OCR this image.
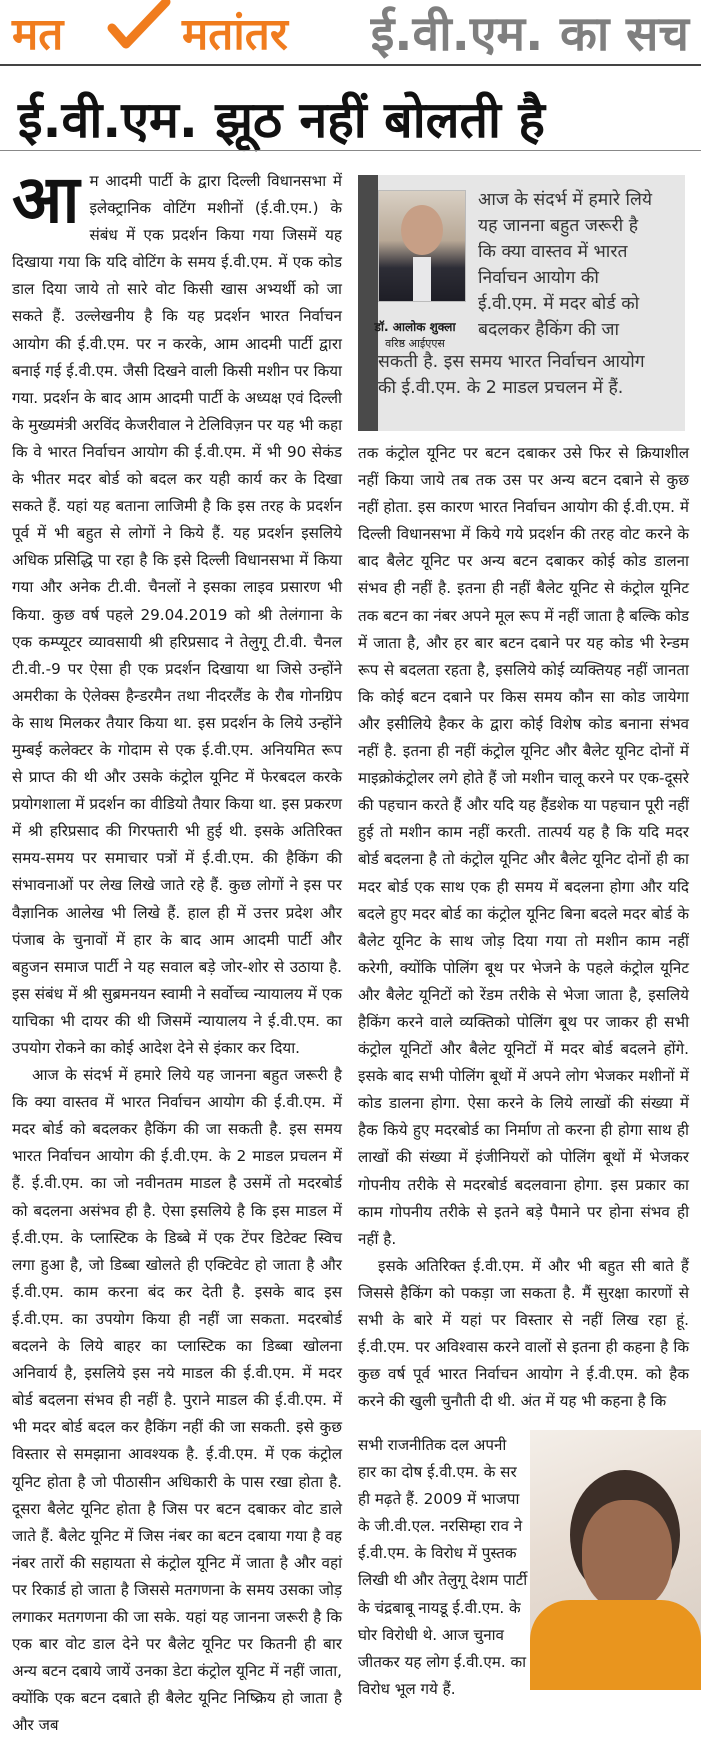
मत	मतांतर ई.वी.एम. का सच
ई.वी.एम. झूठ नहीं बोलती है
डॉ. आलोक शुक्ला
वरिष्ठ आईएएस
आज के संदर्भ में हमारे लिये
यह जानना बहुत जरूरी है
कि क्या वास्तव में भारत
निर्वाचन आयोग की
ई.वी.एम. में मदर बोर्ड को
बदलकर हैकिंग की जा
सकती है. इस समय भारत निर्वाचन आयोग
की ई.वी.एम. के 2 माडल प्रचलन में हैं.
आ म आदमी पार्टी के द्वारा दिल्ली विधानसभा में इलेक्ट्रानिक वोटिंग मशीनों (ई.वी.एम.) के संबंध में एक प्रदर्शन किया गया जिसमें यह दिखाया गया कि यदि वोटिंग के समय ई.वी.एम. में एक कोड डाल दिया जाये तो सारे वोट किसी खास अभ्यर्थी को जा सकते हैं. उल्लेखनीय है कि यह प्रदर्शन भारत निर्वाचन आयोग की ई.वी.एम. पर न करके, आम आदमी पार्टी द्वारा बनाई गई ई.वी.एम. जैसी दिखने वाली किसी मशीन पर किया गया. प्रदर्शन के बाद आम आदमी पार्टी के अध्यक्ष एवं दिल्ली के मुख्यमंत्री अरविंद केजरीवाल ने टेलिविज़न पर यह भी कहा कि वे भारत निर्वाचन आयोग की ई.वी.एम. में भी 90 सेकंड के भीतर मदर बोर्ड को बदल कर यही कार्य कर के दिखा सकते हैं. यहां यह बताना लाजिमी है कि इस तरह के प्रदर्शन पूर्व में भी बहुत से लोगों ने किये हैं. यह प्रदर्शन इसलिये अधिक प्रसिद्धि पा रहा है कि इसे दिल्ली विधानसभा में किया गया और अनेक टी.वी. चैनलों ने इसका लाइव प्रसारण भी किया. कुछ वर्ष पहले 29.04.2019 को श्री तेलंगाना के एक कम्प्यूटर व्यावसायी श्री हरिप्रसाद ने तेलुगू टी.वी. चैनल टी.वी.-9 पर ऐसा ही एक प्रदर्शन दिखाया था जिसे उन्होंने अमरीका के ऐलेक्स हैन्डरमैन तथा नीदरलैंड के रौब गोनग्रिप के साथ मिलकर तैयार किया था. इस प्रदर्शन के लिये उन्होंने मुम्बई कलेक्टर के गोदाम से एक ई.वी.एम. अनियमित रूप से प्राप्त की थी और उसके कंट्रोल यूनिट में फेरबदल करके प्रयोगशाला में प्रदर्शन का वीडियो तैयार किया था. इस प्रकरण में श्री हरिप्रसाद की गिरफ्तारी भी हुई थी. इसके अतिरिक्त समय-समय पर समाचार पत्रों में ई.वी.एम. की हैकिंग की संभावनाओं पर लेख लिखे जाते रहे हैं. कुछ लोगों ने इस पर वैज्ञानिक आलेख भी लिखे हैं. हाल ही में उत्तर प्रदेश और पंजाब के चुनावों में हार के बाद आम आदमी पार्टी और बहुजन समाज पार्टी ने यह सवाल बड़े जोर-शोर से उठाया है. इस संबंध में श्री सुब्रमनयन स्वामी ने सर्वोच्च न्यायालय में एक याचिका भी दायर की थी जिसमें न्यायालय ने ई.वी.एम. का उपयोग रोकने का कोई आदेश देने से इंकार कर दिया.

आज के संदर्भ में हमारे लिये यह जानना बहुत जरूरी है कि क्या वास्तव में भारत निर्वाचन आयोग की ई.वी.एम. में मदर बोर्ड को बदलकर हैकिंग की जा सकती है. इस समय भारत निर्वाचन आयोग की ई.वी.एम. के 2 माडल प्रचलन में हैं. ई.वी.एम. का जो नवीनतम माडल है उसमें तो मदरबोर्ड को बदलना असंभव ही है. ऐसा इसलिये है कि इस माडल में ई.वी.एम. के प्लास्टिक के डिब्बे में एक टेंपर डिटेक्ट स्विच लगा हुआ है, जो डिब्बा खोलते ही एक्टिवेट हो जाता है और ई.वी.एम. काम करना बंद कर देती है. इसके बाद इस ई.वी.एम. का उपयोग किया ही नहीं जा सकता. मदरबोर्ड बदलने के लिये बाहर का प्लास्टिक का डिब्बा खोलना अनिवार्य है, इसलिये इस नये माडल की ई.वी.एम. में मदर बोर्ड बदलना संभव ही नहीं है. पुराने माडल की ई.वी.एम. में भी मदर बोर्ड बदल कर हैकिंग नहीं की जा सकती. इसे कुछ विस्तार से समझाना आवश्यक है. ई.वी.एम. में एक कंट्रोल यूनिट होता है जो पीठासीन अधिकारी के पास रखा होता है. दूसरा बैलेट यूनिट होता है जिस पर बटन दबाकर वोट डाले जाते हैं. बैलेट यूनिट में जिस नंबर का बटन दबाया गया है वह नंबर तारों की सहायता से कंट्रोल यूनिट में जाता है और वहां पर रिकार्ड हो जाता है जिससे मतगणना के समय उसका जोड़ लगाकर मतगणना की जा सके. यहां यह जानना जरूरी है कि एक बार वोट डाल देने पर बैलेट यूनिट पर कितनी ही बार अन्य बटन दबाये जायें उनका डेटा कंट्रोल यूनिट में नहीं जाता, क्योंकि एक बटन दबाते ही बैलेट यूनिट निष्क्रिय हो जाता है और जब

तक कंट्रोल यूनिट पर बटन दबाकर उसे फिर से क्रियाशील नहीं किया जाये तब तक उस पर अन्य बटन दबाने से कुछ नहीं होता. इस कारण भारत निर्वाचन आयोग की ई.वी.एम. में दिल्ली विधानसभा में किये गये प्रदर्शन की तरह वोट करने के बाद बैलेट यूनिट पर अन्य बटन दबाकर कोई कोड डालना संभव ही नहीं है. इतना ही नहीं बैलेट यूनिट से कंट्रोल यूनिट तक बटन का नंबर अपने मूल रूप में नहीं जाता है बल्कि कोड में जाता है, और हर बार बटन दबाने पर यह कोड भी रेन्डम रूप से बदलता रहता है, इसलिये कोई व्यक्तियह नहीं जानता कि कोई बटन दबाने पर किस समय कौन सा कोड जायेगा और इसीलिये हैकर के द्वारा कोई विशेष कोड बनाना संभव नहीं है. इतना ही नहीं कंट्रोल यूनिट और बैलेट यूनिट दोनों में माइक्रोकंट्रोलर लगे होते हैं जो मशीन चालू करने पर एक-दूसरे की पहचान करते हैं और यदि यह हैंडशेक या पहचान पूरी नहीं हुई तो मशीन काम नहीं करती. तात्पर्य यह है कि यदि मदर बोर्ड बदलना है तो कंट्रोल यूनिट और बैलेट यूनिट दोनों ही का मदर बोर्ड एक साथ एक ही समय में बदलना होगा और यदि बदले हुए मदर बोर्ड का कंट्रोल यूनिट बिना बदले मदर बोर्ड के बैलेट यूनिट के साथ जोड़ दिया गया तो मशीन काम नहीं करेगी, क्योंकि पोलिंग बूथ पर भेजने के पहले कंट्रोल यूनिट और बैलेट यूनिटों को रेंडम तरीके से भेजा जाता है, इसलिये हैकिंग करने वाले व्यक्तिको पोलिंग बूथ पर जाकर ही सभी कंट्रोल यूनिटों और बैलेट यूनिटों में मदर बोर्ड बदलने होंगे. इसके बाद सभी पोलिंग बूथों में अपने लोग भेजकर मशीनों में कोड डालना होगा. ऐसा करने के लिये लाखों की संख्या में हैक किये हुए मदरबोर्ड का निर्माण तो करना ही होगा साथ ही लाखों की संख्या में इंजीनियरों को पोलिंग बूथों में भेजकर गोपनीय तरीके से मदरबोर्ड बदलवाना होगा. इस प्रकार का काम गोपनीय तरीके से इतने बड़े पैमाने पर होना संभव ही नहीं है.

इसके अतिरिक्त ई.वी.एम. में और भी बहुत सी बाते हैं जिससे हैकिंग को पकड़ा जा सकता है. मैं सुरक्षा कारणों से सभी के बारे में यहां पर विस्तार से नहीं लिख रहा हूं. ई.वी.एम. पर अविश्वास करने वालों से इतना ही कहना है कि कुछ वर्ष पूर्व भारत निर्वाचन आयोग ने ई.वी.एम. को हैक करने की खुली चुनौती दी थी. अंत में यह भी कहना है कि

सभी राजनीतिक दल अपनी हार का दोष ई.वी.एम. के सर ही मढ़ते हैं. 2009 में भाजपा के जी.वी.एल. नरसिम्हा राव ने ई.वी.एम. के विरोध में पुस्तक लिखी थी और तेलुगू देशम पार्टी के चंद्रबाबू नायडू ई.वी.एम. के घोर विरोधी थे. आज चुनाव जीतकर यह लोग ई.वी.एम. का विरोध भूल गये हैं.
